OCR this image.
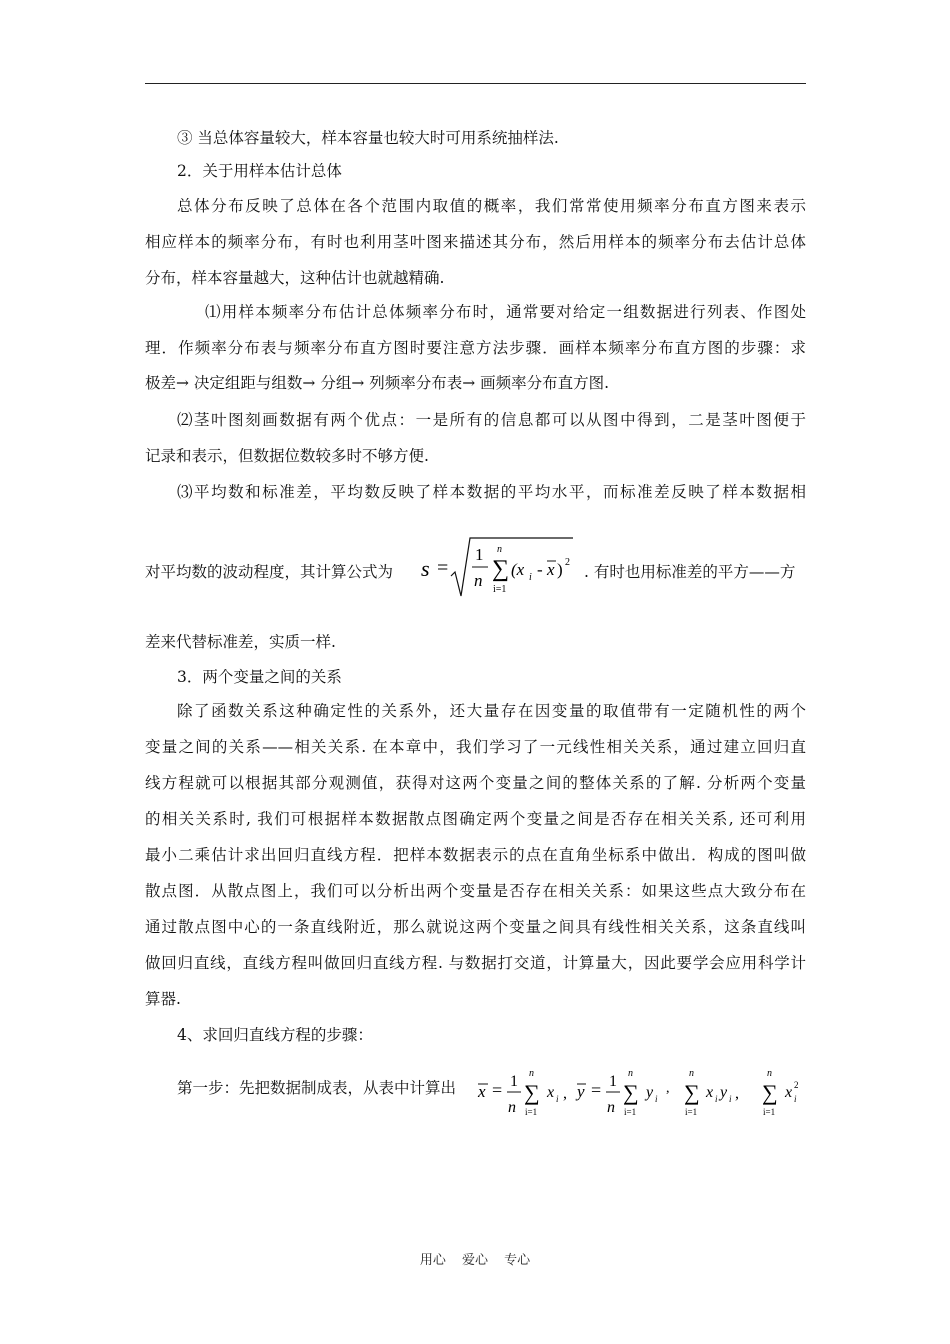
③ 当总体容量较大，样本容量也较大时可用系统抽样法.
2．关于用样本估计总体
总体分布反映了总体在各个范围内取值的概率，我们常常使用频率分布直方图来表示
相应样本的频率分布，有时也利用茎叶图来描述其分布，然后用样本的频率分布去估计总体
分布，样本容量越大，这种估计也就越精确.
⑴用样本频率分布估计总体频率分布时，通常要对给定一组数据进行列表、作图处
理．作频率分布表与频率分布直方图时要注意方法步骤．画样本频率分布直方图的步骤：求
极差→ 决定组距与组数→ 分组→ 列频率分布表→ 画频率分布直方图.
⑵茎叶图刻画数据有两个优点：一是所有的信息都可以从图中得到，二是茎叶图便于
记录和表示，但数据位数较多时不够方便.
⑶平均数和标准差，平均数反映了样本数据的平均水平，而标准差反映了样本数据相
对平均数的波动程度，其计算公式为 s =
1
n
n
∑
i=1
(x i - x ) 2
. 有时也用标准差的平方——方
差来代替标准差，实质一样.
3．两个变量之间的关系
除了函数关系这种确定性的关系外，还大量存在因变量的取值带有一定随机性的两个
变量之间的关系——相关关系. 在本章中，我们学习了一元线性相关关系，通过建立回归直
线方程就可以根据其部分观测值，获得对这两个变量之间的整体关系的了解. 分析两个变量
的相关关系时, 我们可根据样本数据散点图确定两个变量之间是否存在相关关系, 还可利用
最小二乘估计求出回归直线方程．把样本数据表示的点在直角坐标系中做出．构成的图叫做
散点图．从散点图上，我们可以分析出两个变量是否存在相关关系：如果这些点大致分布在
通过散点图中心的一条直线附近，那么就说这两个变量之间具有线性相关关系，这条直线叫
做回归直线，直线方程叫做回归直线方程. 与数据打交道，计算量大，因此要学会应用科学计
算器.
4、求回归直线方程的步骤：
第一步：先把数据制成表，从表中计算出 x = 1
n
n
∑
i=1
x i , y = 1
n
n
∑
i=1
y i
,
n
∑
i=1
x i y i ,
n
∑
i=1
x i
2
用心 爱心 专心
